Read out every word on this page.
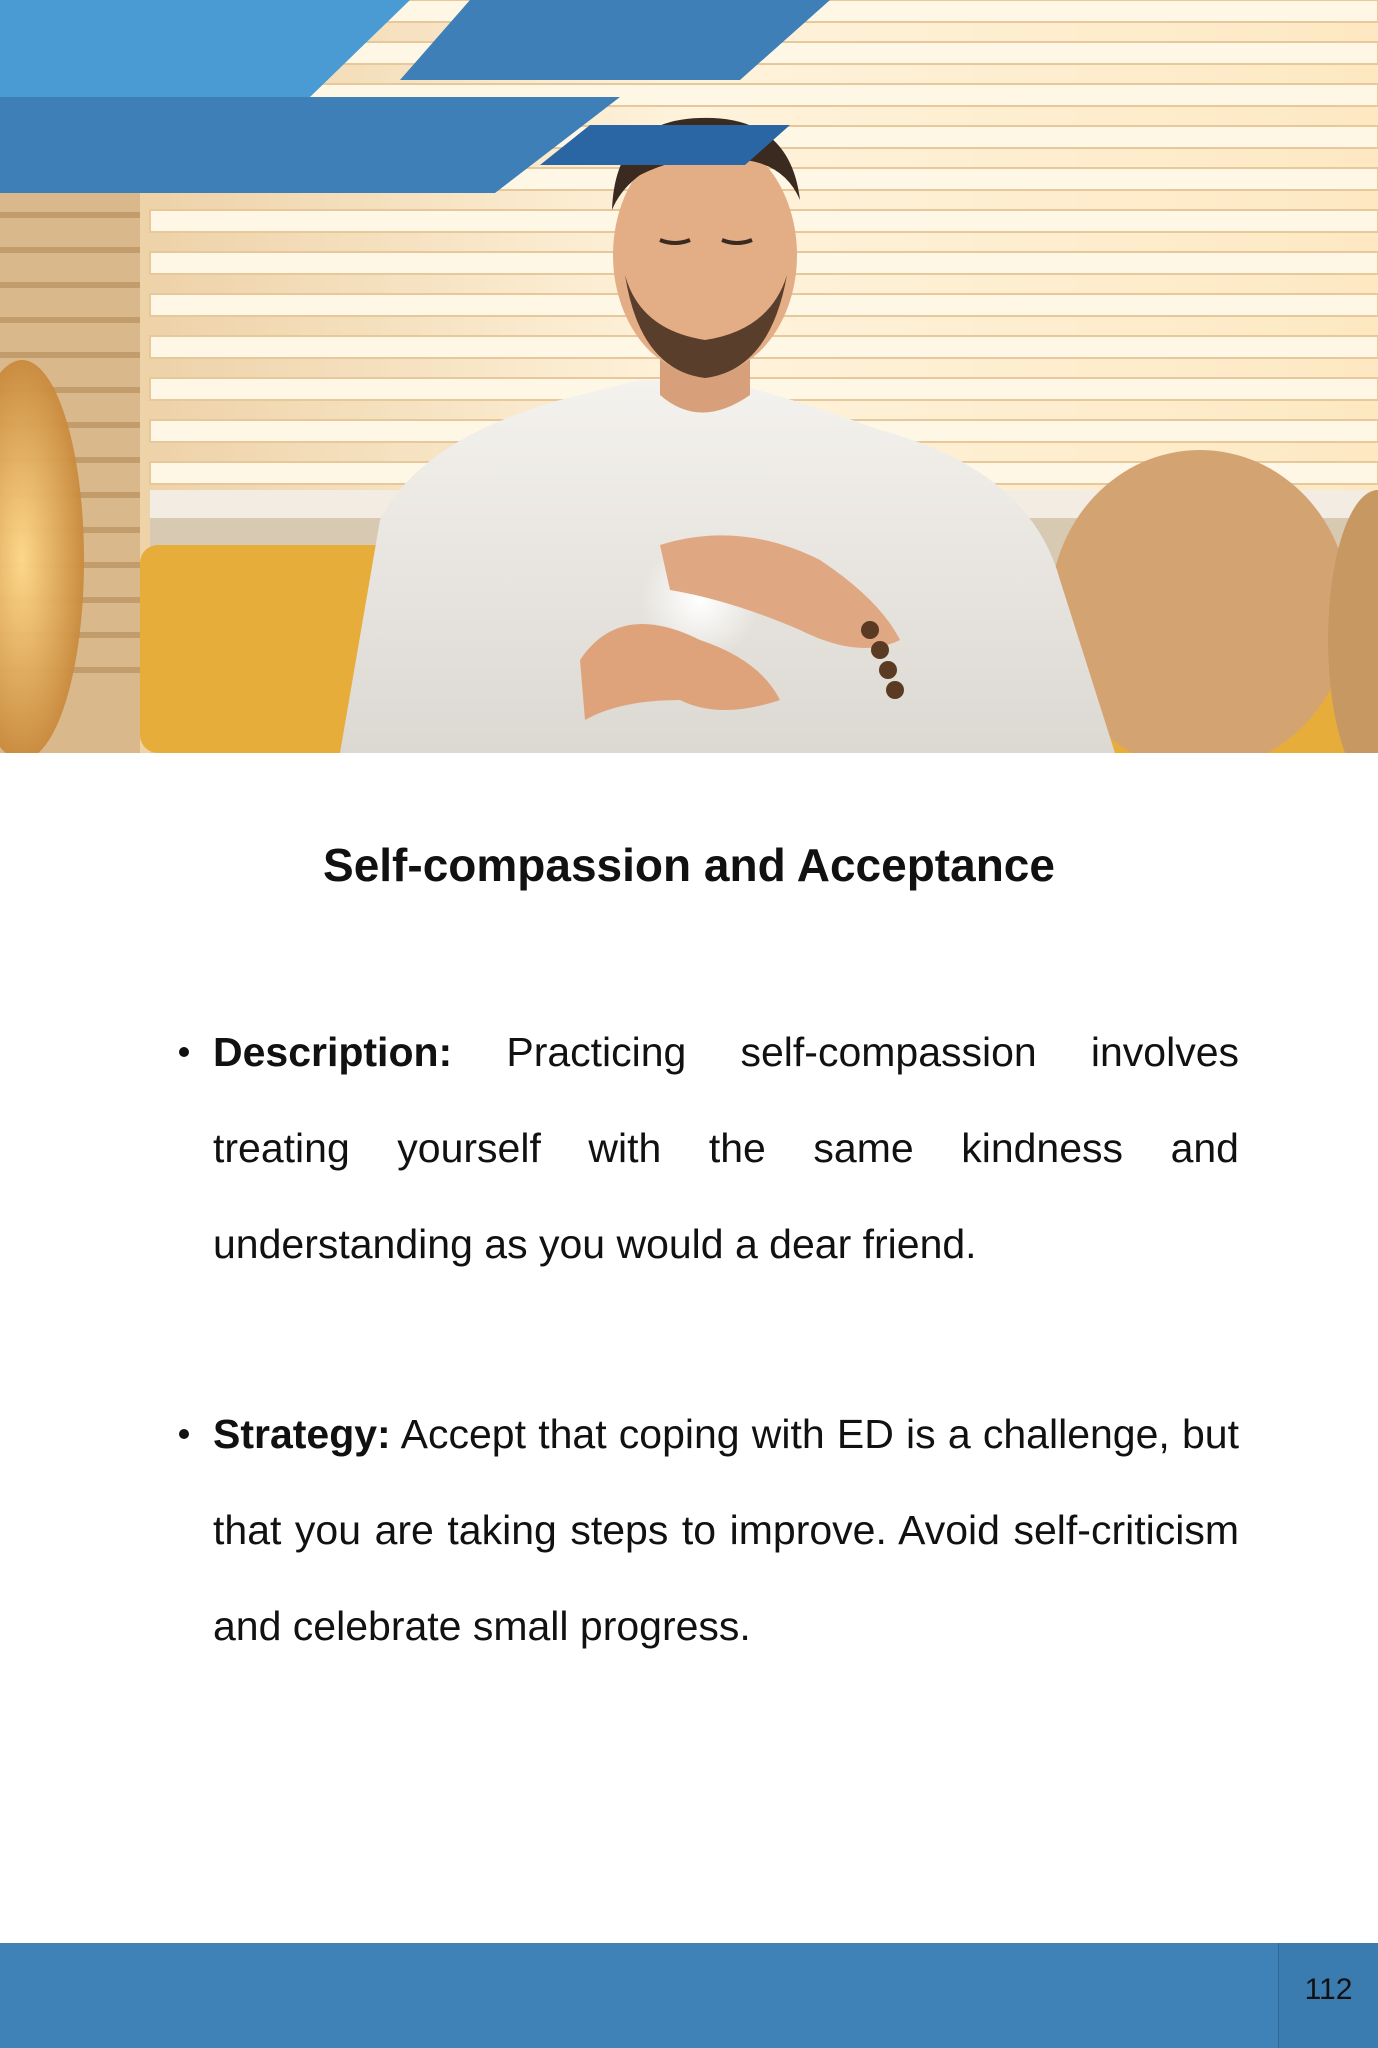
Self-compassion and Acceptance
Description: Practicing self-compassion involves treating yourself with the same kindness and understanding as you would a dear friend.
Strategy: Accept that coping with ED is a challenge, but that you are taking steps to improve. Avoid self-criticism and celebrate small progress.
112
